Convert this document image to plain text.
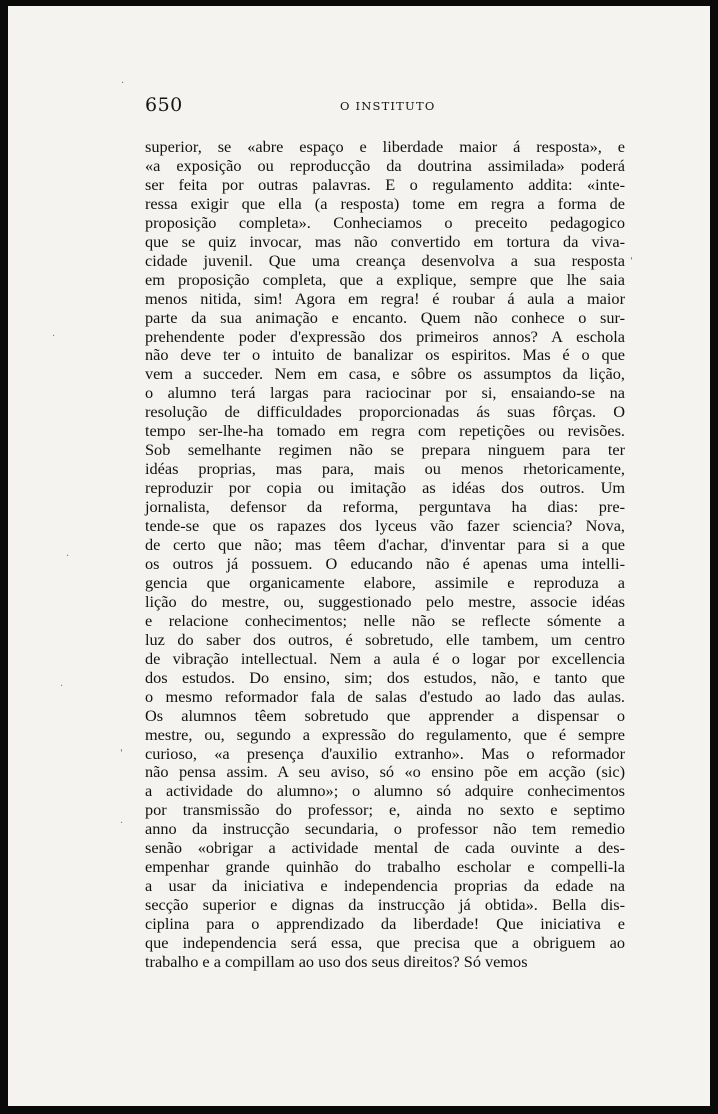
650	O INSTITUTO
·
·
·
·
·
'
'
superior, se «abre espaço e liberdade maior á resposta», e
«a exposição ou reproducção da doutrina assimilada» poderá
ser feita por outras palavras. E o regulamento addita: «inte-
ressa exigir que ella (a resposta) tome em regra a forma de
proposição completa». Conheciamos o preceito pedagogico
que se quiz invocar, mas não convertido em tortura da viva-
cidade juvenil. Que uma creança desenvolva a sua resposta
em proposição completa, que a explique, sempre que lhe saia
menos nitida, sim! Agora em regra! é roubar á aula a maior
parte da sua animação e encanto. Quem não conhece o sur-
prehendente poder d'expressão dos primeiros annos? A eschola
não deve ter o intuito de banalizar os espiritos. Mas é o que
vem a succeder. Nem em casa, e sôbre os assumptos da lição,
o alumno terá largas para raciocinar por si, ensaiando-se na
resolução de difficuldades proporcionadas ás suas fôrças. O
tempo ser-lhe-ha tomado em regra com repetições ou revisões.
Sob semelhante regimen não se prepara ninguem para ter
idéas proprias, mas para, mais ou menos rhetoricamente,
reproduzir por copia ou imitação as idéas dos outros. Um
jornalista, defensor da reforma, perguntava ha dias: pre-
tende-se que os rapazes dos lyceus vão fazer sciencia? Nova,
de certo que não; mas têem d'achar, d'inventar para si a que
os outros já possuem. O educando não é apenas uma intelli-
gencia que organicamente elabore, assimile e reproduza a
lição do mestre, ou, suggestionado pelo mestre, associe idéas
e relacione conhecimentos; nelle não se reflecte sómente a
luz do saber dos outros, é sobretudo, elle tambem, um centro
de vibração intellectual. Nem a aula é o logar por excellencia
dos estudos. Do ensino, sim; dos estudos, não, e tanto que
o mesmo reformador fala de salas d'estudo ao lado das aulas.
Os alumnos têem sobretudo que apprender a dispensar o
mestre, ou, segundo a expressão do regulamento, que é sempre
curioso, «a presença d'auxilio extranho». Mas o reformador
não pensa assim. A seu aviso, só «o ensino põe em acção (sic)
a actividade do alumno»; o alumno só adquire conhecimentos
por transmissão do professor; e, ainda no sexto e septimo
anno da instrucção secundaria, o professor não tem remedio
senão «obrigar a actividade mental de cada ouvinte a des-
empenhar grande quinhão do trabalho escholar e compelli-la
a usar da iniciativa e independencia proprias da edade na
secção superior e dignas da instrucção já obtida». Bella dis-
ciplina para o apprendizado da liberdade! Que iniciativa e
que independencia será essa, que precisa que a obriguem ao
trabalho e a compillam ao uso dos seus direitos? Só vemos
